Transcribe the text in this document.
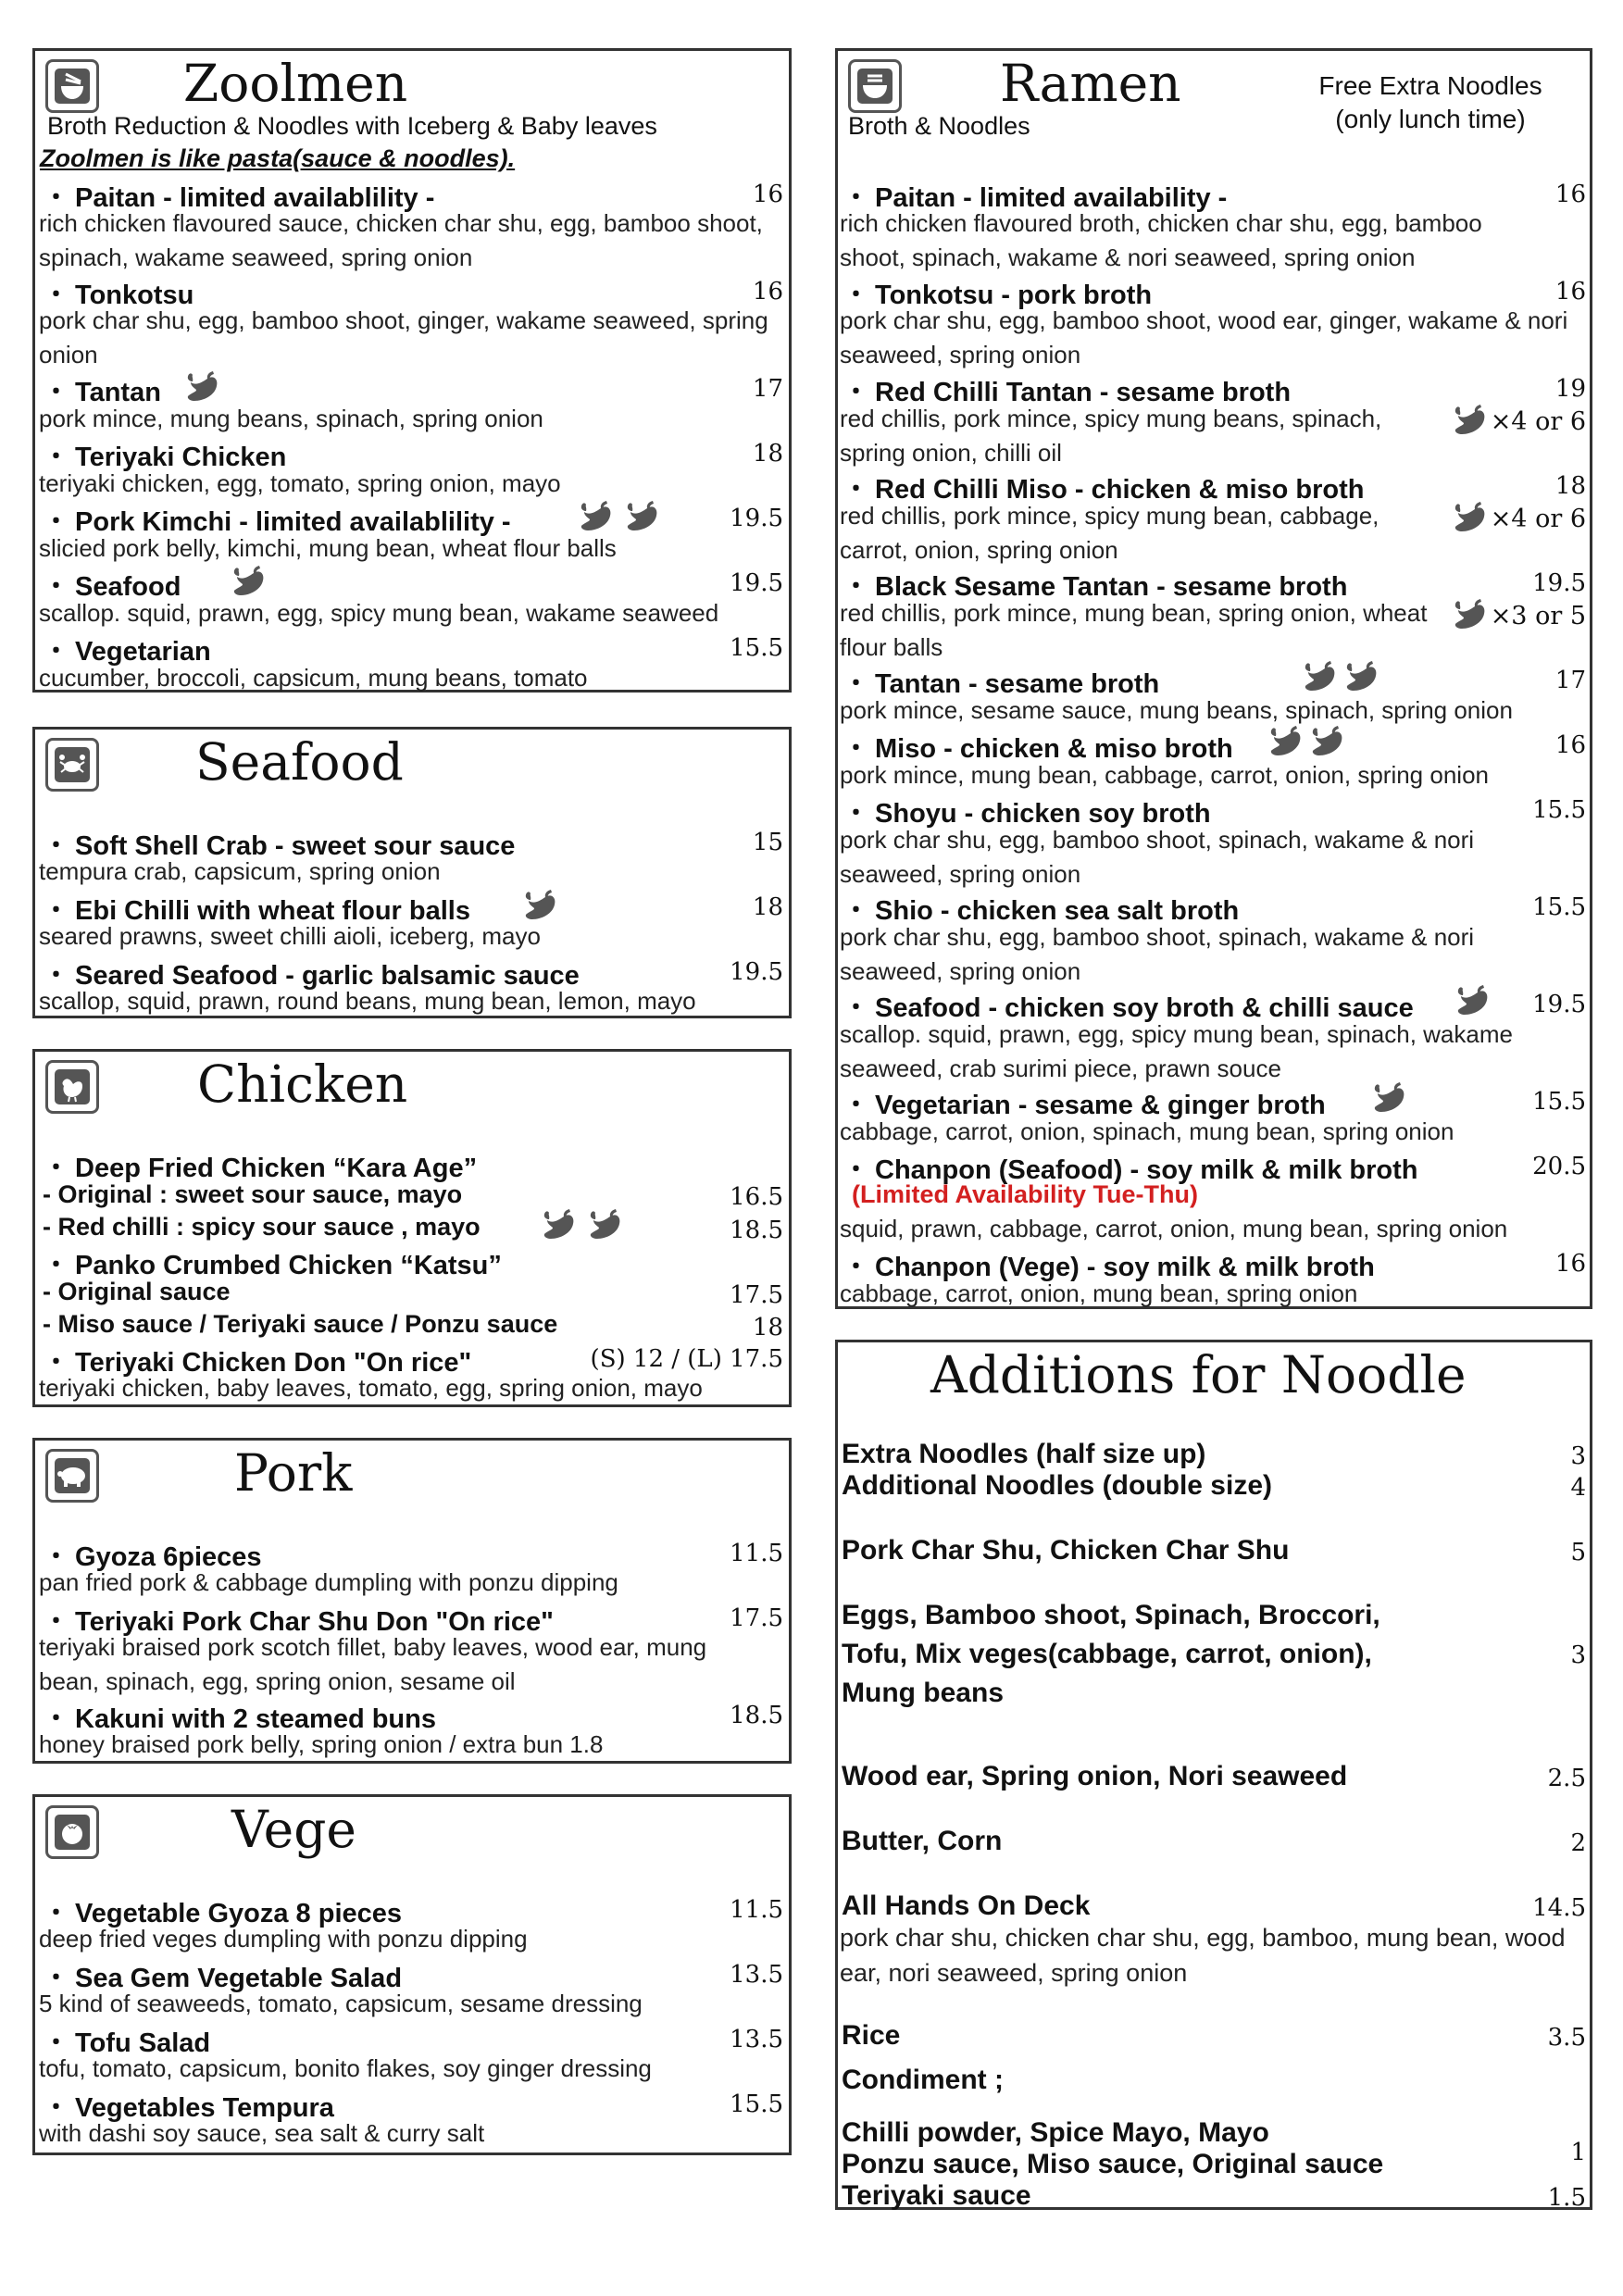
Zoolmen
Broth Reduction & Noodles with Iceberg & Baby leaves
Zoolmen is like pasta(sauce & noodles).
・ Paitan - limited availablility -	16
rich chicken flavoured sauce, chicken char shu, egg, bamboo shoot, spinach, wakame seaweed, spring onion
・ Tonkotsu	16
pork char shu, egg, bamboo shoot, ginger, wakame seaweed, spring onion
・ Tantan	17
pork mince, mung beans, spinach, spring onion
・ Teriyaki Chicken	18
teriyaki chicken, egg, tomato, spring onion, mayo
・ Pork Kimchi - limited availablility -	19.5
slicied pork belly, kimchi, mung bean, wheat flour balls
・ Seafood	19.5
scallop. squid, prawn, egg, spicy mung bean, wakame seaweed
・ Vegetarian	15.5
cucumber, broccoli, capsicum, mung beans, tomato
Seafood
・ Soft Shell Crab - sweet sour sauce	15
tempura crab, capsicum, spring onion
・ Ebi Chilli with wheat flour balls	18
seared prawns, sweet chilli aioli, iceberg, mayo
・ Seared Seafood - garlic balsamic sauce	19.5
scallop, squid, prawn, round beans, mung bean, lemon, mayo
Chicken
・ Deep Fried Chicken “Kara Age”
- Original : sweet sour sauce, mayo	16.5
- Red chilli : spicy sour sauce , mayo	18.5
・ Panko Crumbed Chicken “Katsu”
- Original sauce	17.5
- Miso sauce / Teriyaki sauce / Ponzu sauce	18
・ Teriyaki Chicken Don "On rice"	(S) 12 / (L) 17.5
teriyaki chicken, baby leaves, tomato, egg, spring onion, mayo
Pork
・ Gyoza 6pieces	11.5
pan fried pork & cabbage dumpling with ponzu dipping
・ Teriyaki Pork Char Shu Don "On rice"	17.5
teriyaki braised pork scotch fillet, baby leaves, wood ear, mung bean, spinach, egg, spring onion, sesame oil
・ Kakuni with 2 steamed buns	18.5
honey braised pork belly, spring onion / extra bun 1.8
Vege
・ Vegetable Gyoza 8 pieces	11.5
deep fried veges dumpling with ponzu dipping
・ Sea Gem Vegetable Salad	13.5
5 kind of seaweeds, tomato, capsicum, sesame dressing
・ Tofu Salad	13.5
tofu, tomato, capsicum, bonito flakes, soy ginger dressing
・ Vegetables Tempura	15.5
with dashi soy sauce, sea salt & curry salt
Ramen
Broth & Noodles
Free Extra Noodles
(only lunch time)
・ Paitan - limited availability -	16
rich chicken flavoured broth, chicken char shu, egg, bamboo shoot, spinach, wakame & nori seaweed, spring onion
・ Tonkotsu - pork broth	16
pork char shu, egg, bamboo shoot, wood ear, ginger, wakame & nori seaweed, spring onion
・ Red Chilli Tantan - sesame broth	19
red chillis, pork mince, spicy mung beans, spinach, spring onion, chilli oil
×4 or 6
・ Red Chilli Miso - chicken & miso broth	18
red chillis, pork mince, spicy mung bean, cabbage, carrot, onion, spring onion
×4 or 6
・ Black Sesame Tantan - sesame broth	19.5
red chillis, pork mince, mung bean, spring onion, wheat flour balls
×3 or 5
・ Tantan - sesame broth	17
pork mince, sesame sauce, mung beans, spinach, spring onion
・ Miso - chicken & miso broth	16
pork mince, mung bean, cabbage, carrot, onion, spring onion
・ Shoyu - chicken soy broth	15.5
pork char shu, egg, bamboo shoot, spinach, wakame & nori seaweed, spring onion
・ Shio - chicken sea salt broth	15.5
pork char shu, egg, bamboo shoot, spinach, wakame & nori seaweed, spring onion
・ Seafood - chicken soy broth & chilli sauce	19.5
scallop. squid, prawn, egg, spicy mung bean, spinach, wakame seaweed, crab surimi piece, prawn souce
・ Vegetarian - sesame & ginger broth	15.5
cabbage, carrot, onion, spinach, mung bean, spring onion
・ Chanpon (Seafood) - soy milk & milk broth	20.5
(Limited Availability Tue-Thu)
squid, prawn, cabbage, carrot, onion, mung bean, spring onion
・ Chanpon (Vege) - soy milk & milk broth	16
cabbage, carrot, onion, mung bean, spring onion
Additions for Noodle
Extra Noodles (half size up)	3
Additional Noodles (double size)	4
Pork Char Shu, Chicken Char Shu	5
Eggs, Bamboo shoot, Spinach, Broccori,
Tofu, Mix veges(cabbage, carrot, onion),
Mung beans
3
Wood ear, Spring onion, Nori seaweed	2.5
Butter, Corn	2
All Hands On Deck	14.5
pork char shu, chicken char shu, egg, bamboo, mung bean, wood ear, nori seaweed, spring onion
Rice	3.5
Condiment ;
Chilli powder, Spice Mayo, Mayo
Ponzu sauce, Miso sauce, Original sauce	1
Teriyaki sauce	1.5
